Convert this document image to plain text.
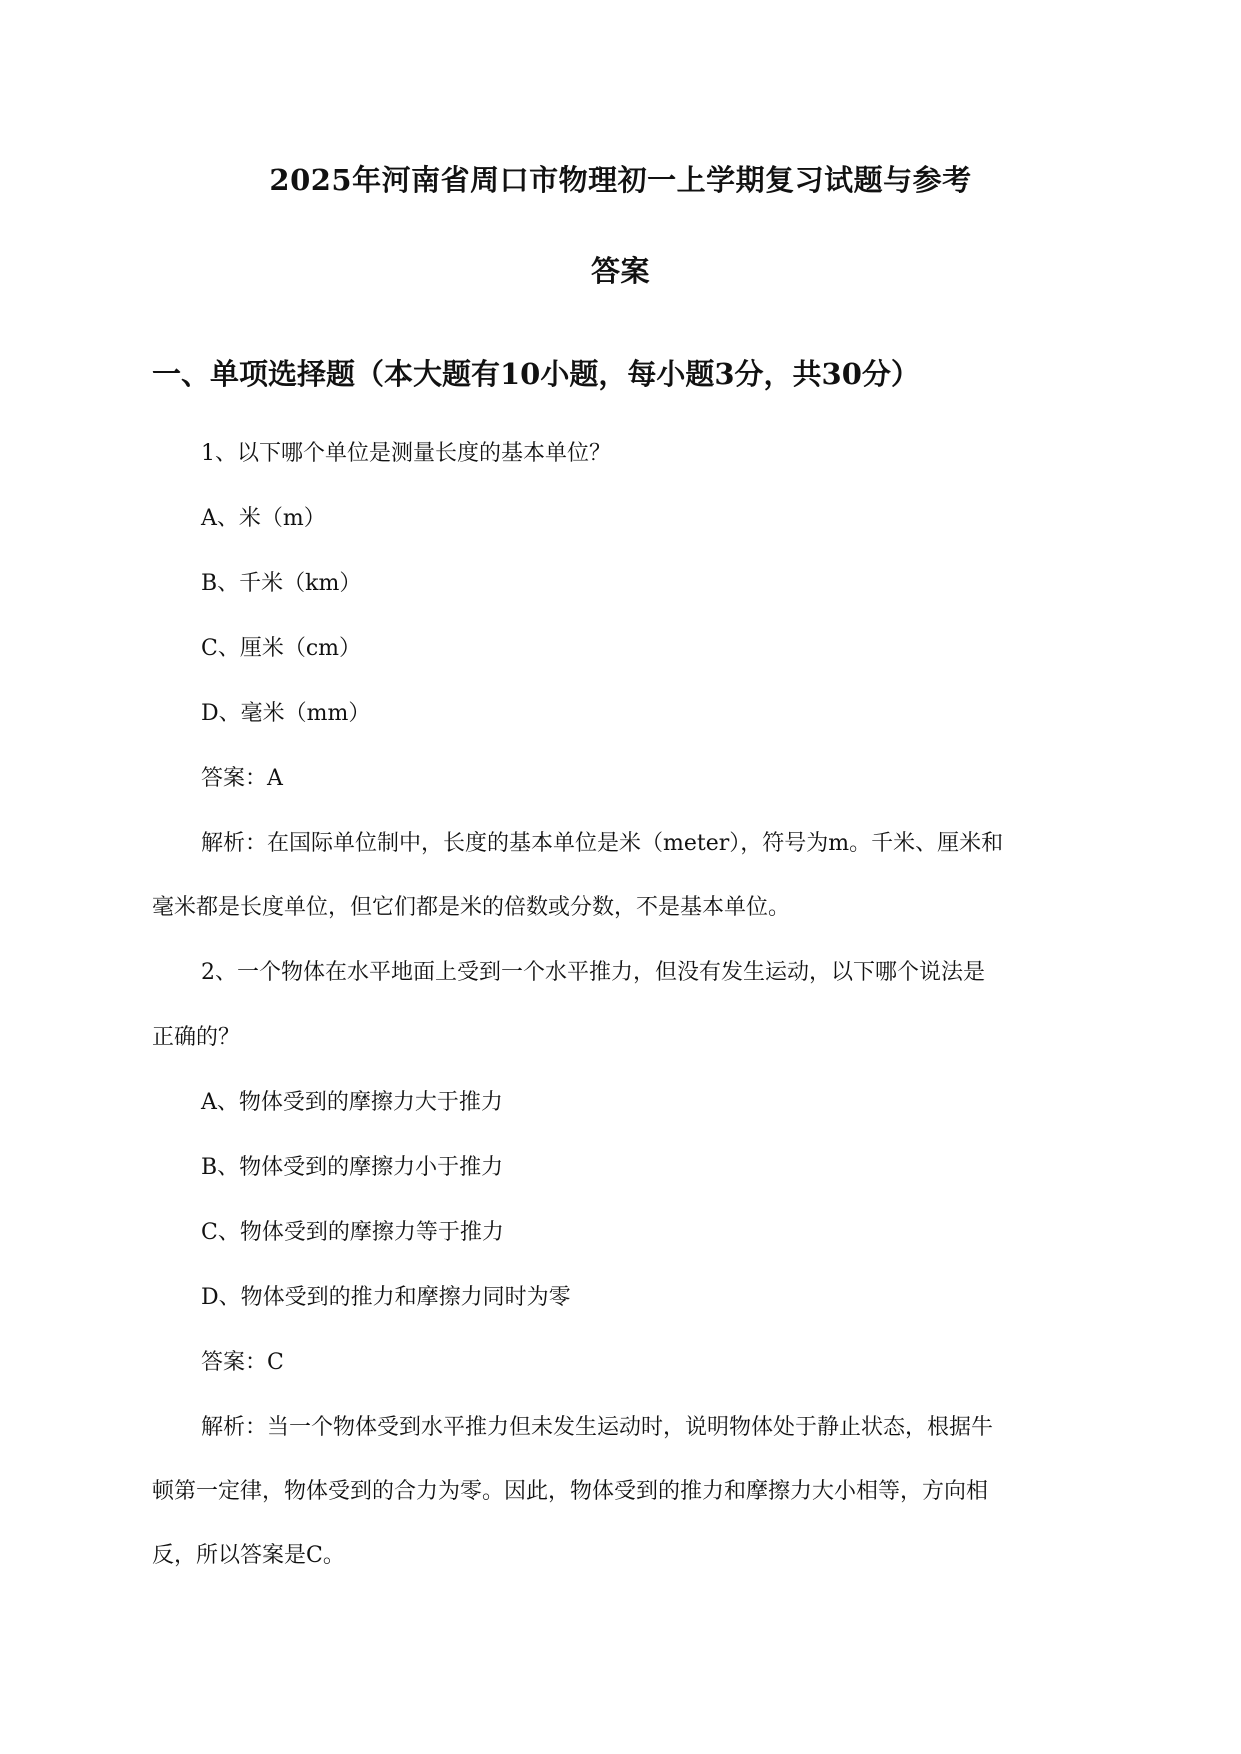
2025年河南省周口市物理初一上学期复习试题与参考
答案
一、单项选择题（本大题有10小题，每小题3分，共30分）
1、以下哪个单位是测量长度的基本单位？
A、米（m）
B、千米（km）
C、厘米（cm）
D、毫米（mm）
答案：A
解析：在国际单位制中，长度的基本单位是米（meter），符号为m。千米、厘米和
毫米都是长度单位，但它们都是米的倍数或分数，不是基本单位。
2、一个物体在水平地面上受到一个水平推力，但没有发生运动，以下哪个说法是
正确的？
A、物体受到的摩擦力大于推力
B、物体受到的摩擦力小于推力
C、物体受到的摩擦力等于推力
D、物体受到的推力和摩擦力同时为零
答案：C
解析：当一个物体受到水平推力但未发生运动时，说明物体处于静止状态，根据牛
顿第一定律，物体受到的合力为零。因此，物体受到的推力和摩擦力大小相等，方向相
反，所以答案是C。
